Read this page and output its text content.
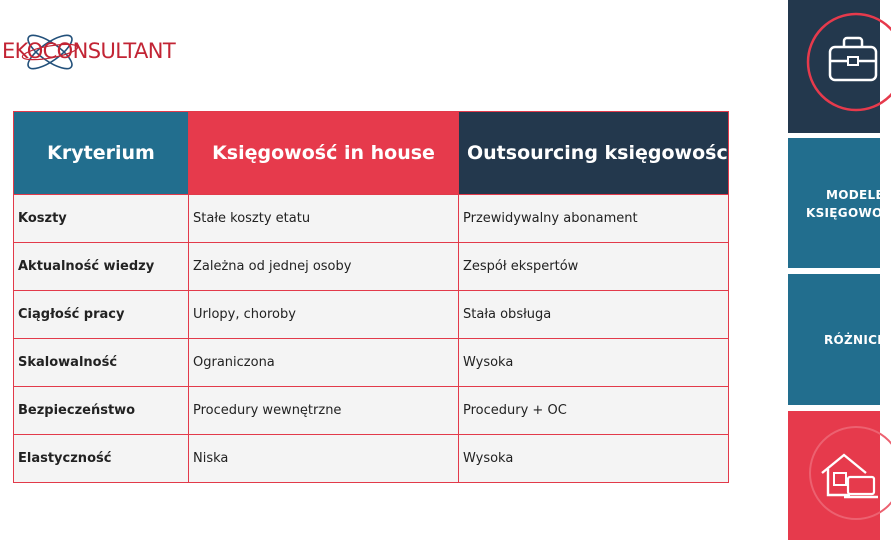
EKOCONSULTANT
Kryterium	Księgowość in house	Outsourcing księgowości
Koszty	Stałe koszty etatu	Przewidywalny abonament
Aktualność wiedzy	Zależna od jednej osoby	Zespół ekspertów
Ciągłość pracy	Urlopy, choroby	Stała obsługa
Skalowalność	Ograniczona	Wysoka
Bezpieczeństwo	Procedury wewnętrzne	Procedury + OC
Elastyczność	Niska	Wysoka
MODELE
KSIĘGOWOŚ
RÓŻNICE
